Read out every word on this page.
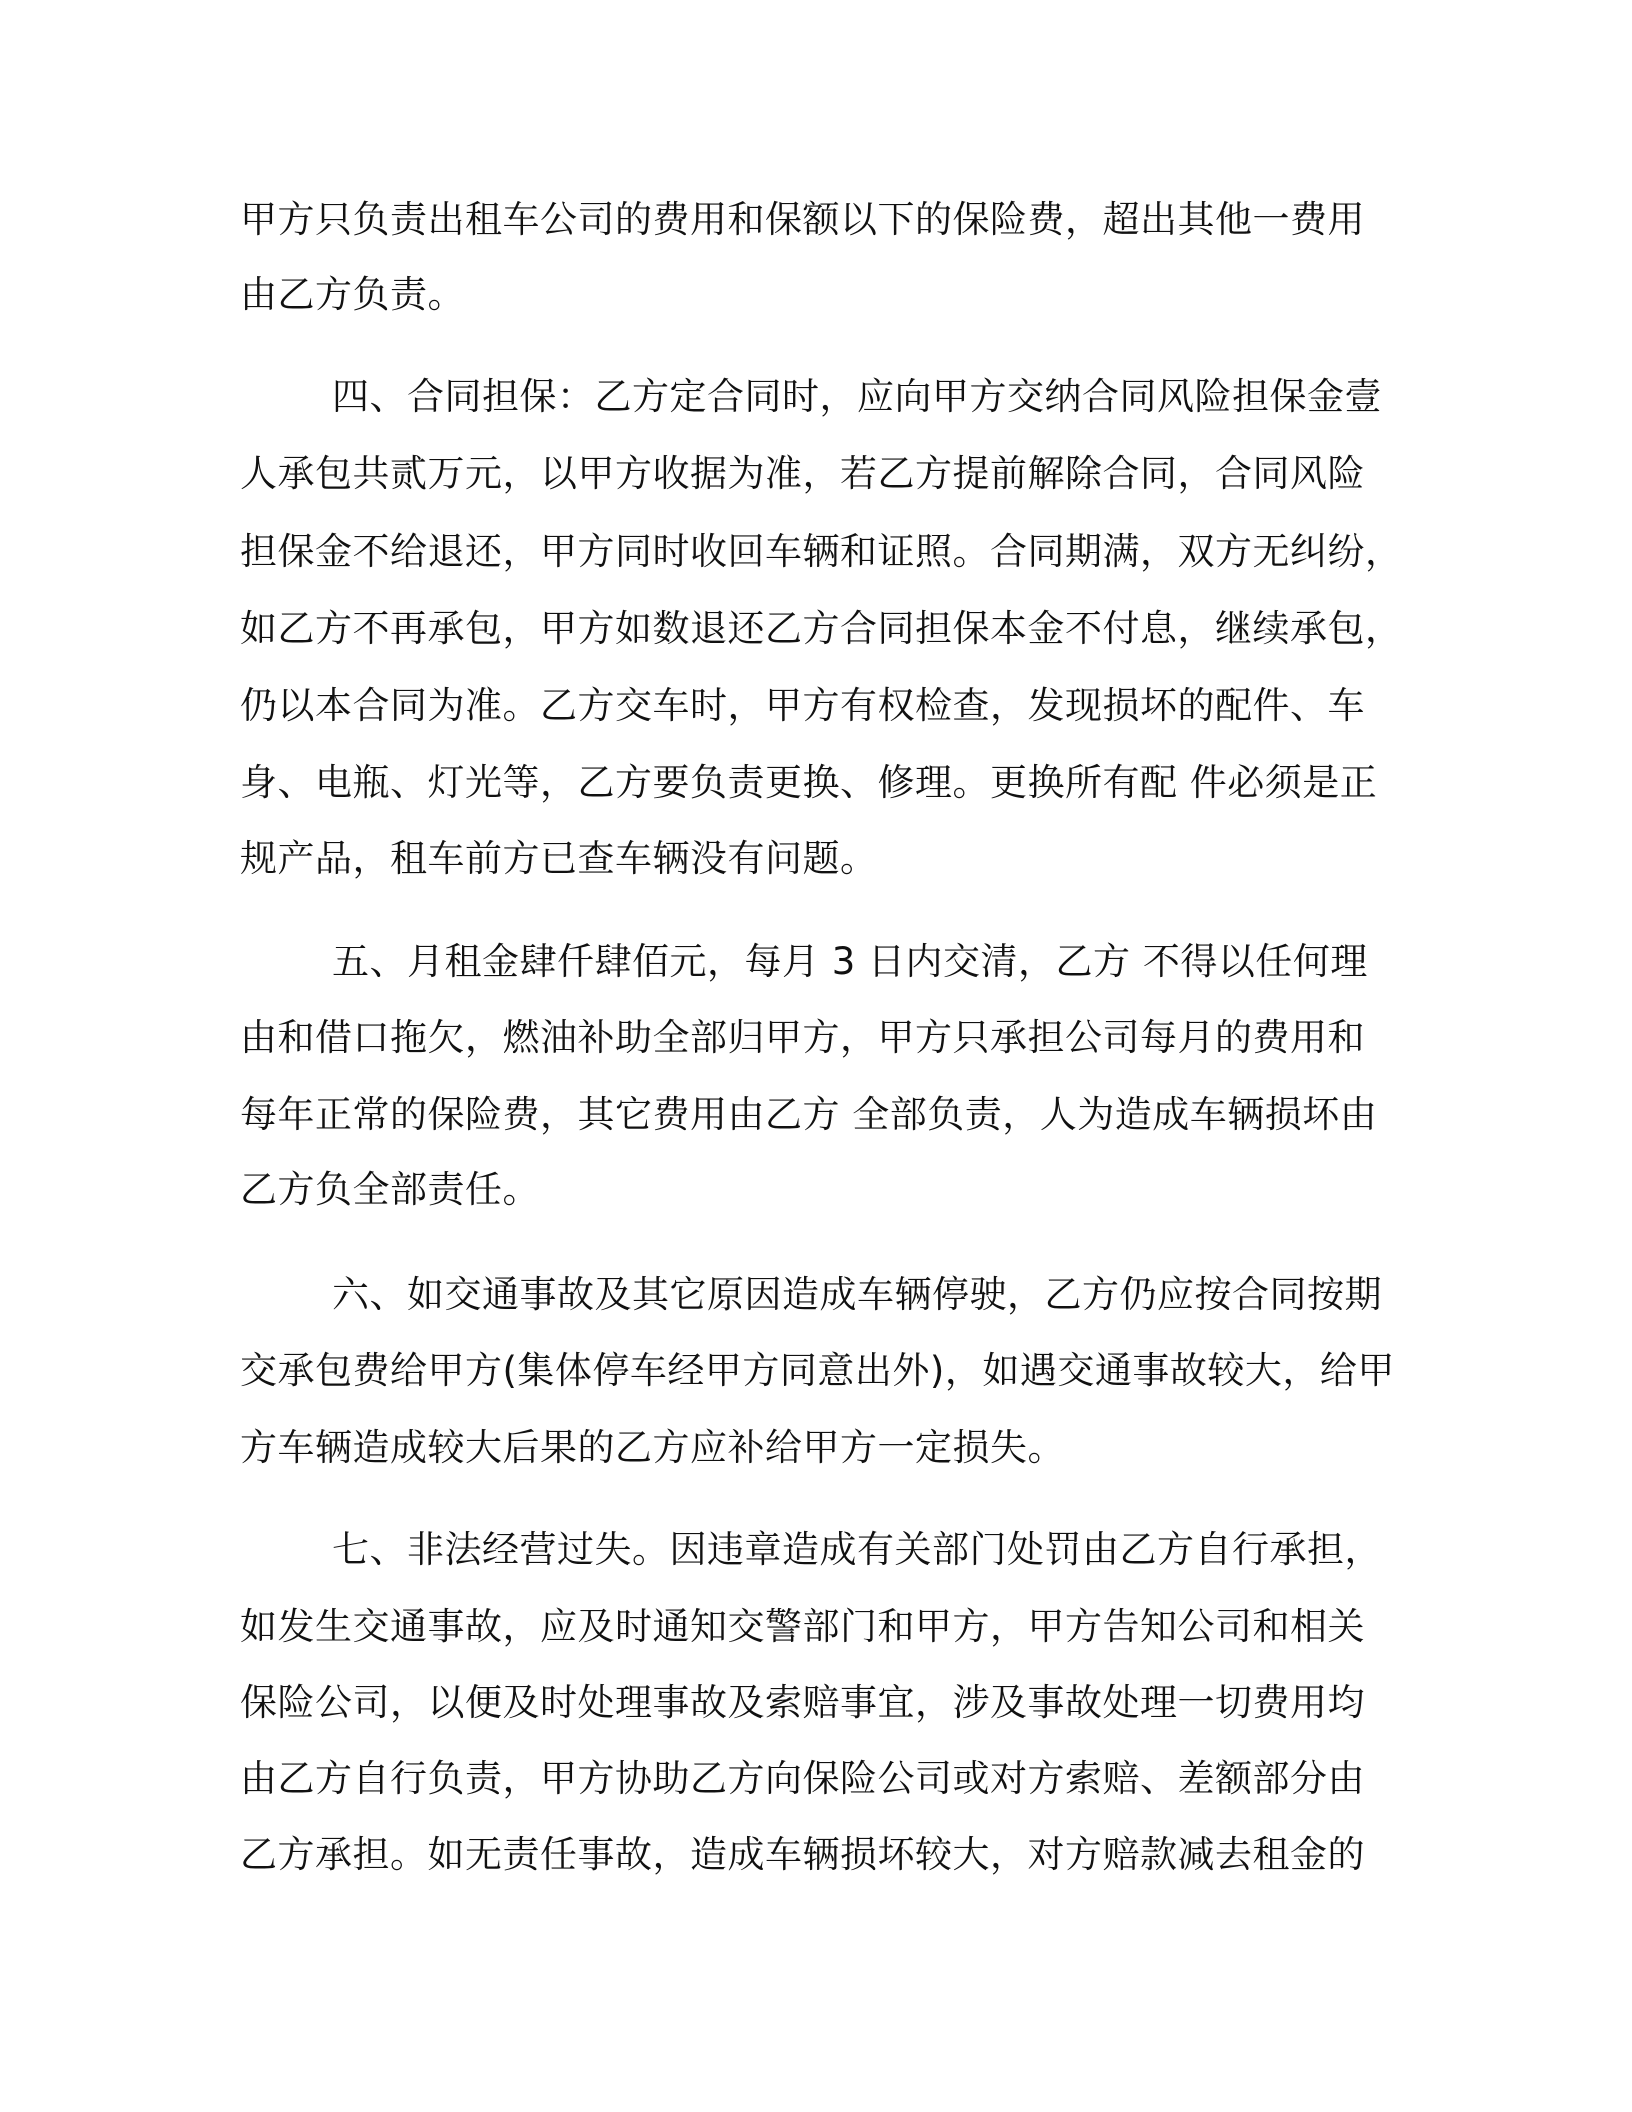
甲方只负责出租车公司的费用和保额以下的保险费，超出其他一费用
由乙方负责。
四、合同担保：乙方定合同时，应向甲方交纳合同风险担保金壹
人承包共贰万元，以甲方收据为准，若乙方提前解除合同，合同风险
担保金不给退还，甲方同时收回车辆和证照。合同期满，双方无纠纷，
如乙方不再承包，甲方如数退还乙方合同担保本金不付息，继续承包，
仍以本合同为准。乙方交车时，甲方有权检查，发现损坏的配件、车
身、电瓶、灯光等，乙方要负责更换、修理。更换所有配 件必须是正
规产品，租车前方已查车辆没有问题。
五、月租金肆仟肆佰元，每月 3 日内交清，乙方 不得以任何理
由和借口拖欠，燃油补助全部归甲方，甲方只承担公司每月的费用和
每年正常的保险费，其它费用由乙方 全部负责，人为造成车辆损坏由
乙方负全部责任。
六、如交通事故及其它原因造成车辆停驶，乙方仍应按合同按期
交承包费给甲方(集体停车经甲方同意出外)，如遇交通事故较大，给甲
方车辆造成较大后果的乙方应补给甲方一定损失。
七、非法经营过失。因违章造成有关部门处罚由乙方自行承担，
如发生交通事故，应及时通知交警部门和甲方，甲方告知公司和相关
保险公司，以便及时处理事故及索赔事宜，涉及事故处理一切费用均
由乙方自行负责，甲方协助乙方向保险公司或对方索赔、差额部分由
乙方承担。如无责任事故，造成车辆损坏较大，对方赔款减去租金的
